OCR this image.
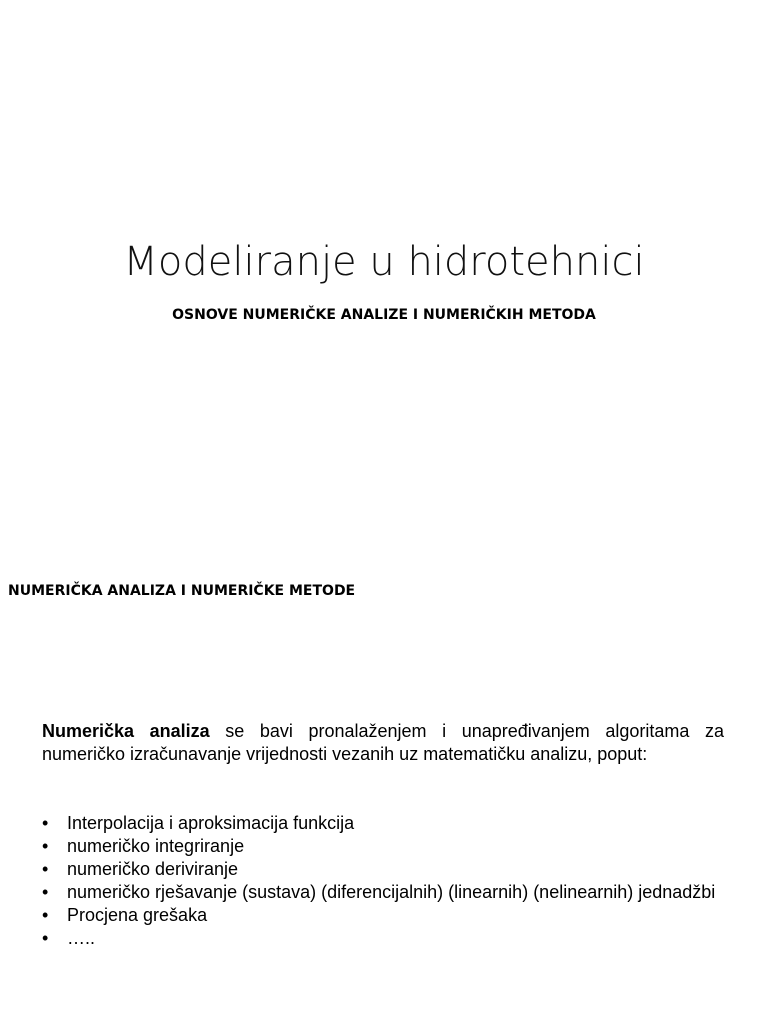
Modeliranje u hidrotehnici
OSNOVE NUMERIČKE ANALIZE I NUMERIČKIH METODA
NUMERIČKA ANALIZA I NUMERIČKE METODE

Numerička analiza se bavi pronalaženjem i unapređivanjem algoritama za numeričko izračunavanje vrijednosti vezanih uz matematičku analizu, poput:

•	Interpolacija i aproksimacija funkcija
•	numeričko integriranje
•	numeričko deriviranje
•	numeričko rješavanje (sustava) (diferencijalnih) (linearnih) (nelinearnih) jednadžbi
•	Procjena grešaka
•	…..
